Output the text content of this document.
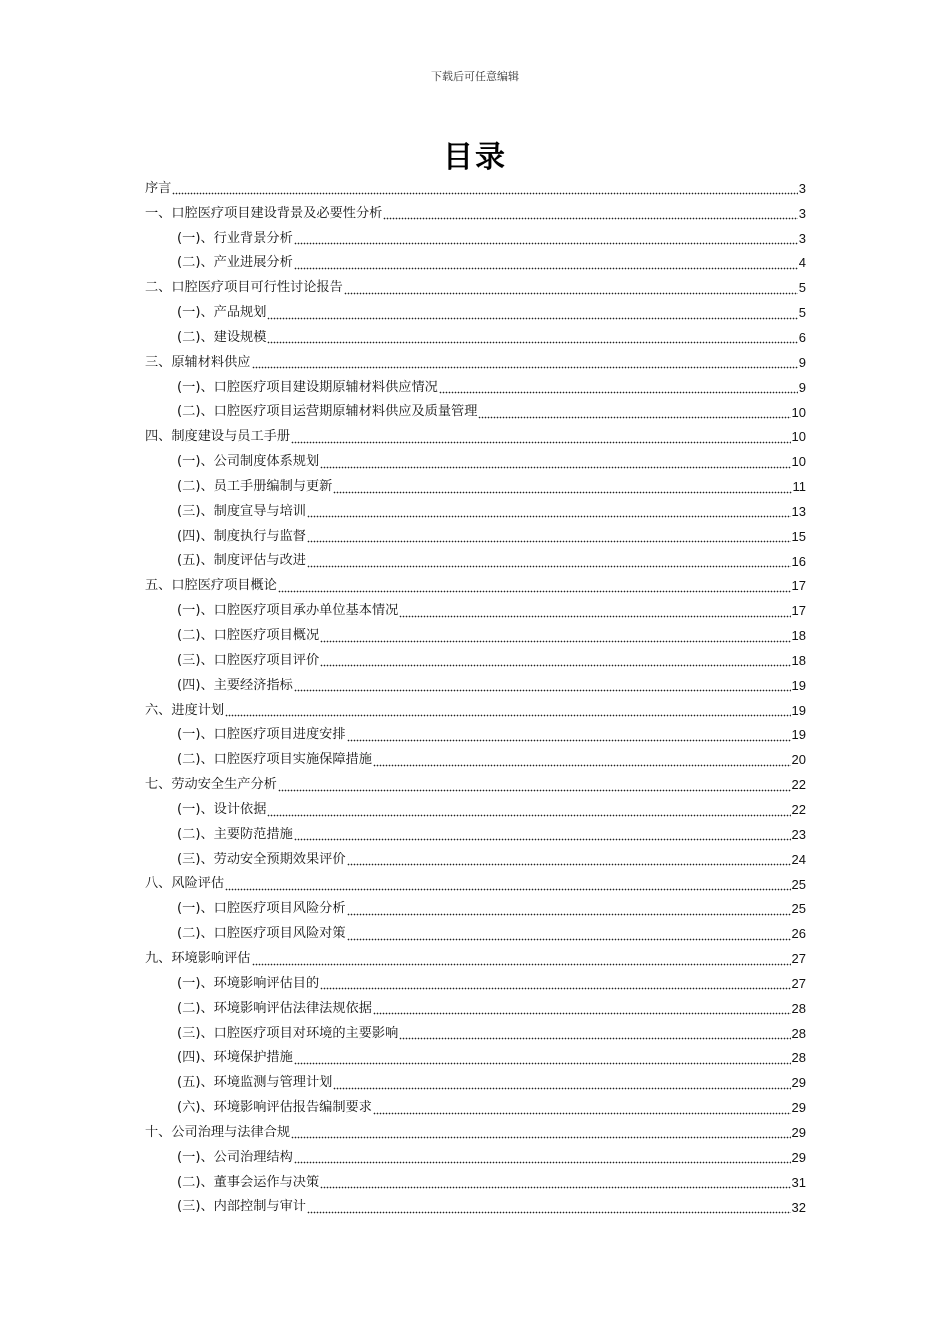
下载后可任意编辑
目录
序言	3
一、口腔医疗项目建设背景及必要性分析	3
(一)、行业背景分析	3
(二)、产业进展分析	4
二、口腔医疗项目可行性讨论报告	5
(一)、产品规划	5
(二)、建设规模	6
三、原辅材料供应	9
(一)、口腔医疗项目建设期原辅材料供应情况	9
(二)、口腔医疗项目运营期原辅材料供应及质量管理	10
四、制度建设与员工手册	10
(一)、公司制度体系规划	10
(二)、员工手册编制与更新	11
(三)、制度宣导与培训	13
(四)、制度执行与监督	15
(五)、制度评估与改进	16
五、口腔医疗项目概论	17
(一)、口腔医疗项目承办单位基本情况	17
(二)、口腔医疗项目概况	18
(三)、口腔医疗项目评价	18
(四)、主要经济指标	19
六、进度计划	19
(一)、口腔医疗项目进度安排	19
(二)、口腔医疗项目实施保障措施	20
七、劳动安全生产分析	22
(一)、设计依据	22
(二)、主要防范措施	23
(三)、劳动安全预期效果评价	24
八、风险评估	25
(一)、口腔医疗项目风险分析	25
(二)、口腔医疗项目风险对策	26
九、环境影响评估	27
(一)、环境影响评估目的	27
(二)、环境影响评估法律法规依据	28
(三)、口腔医疗项目对环境的主要影响	28
(四)、环境保护措施	28
(五)、环境监测与管理计划	29
(六)、环境影响评估报告编制要求	29
十、公司治理与法律合规	29
(一)、公司治理结构	29
(二)、董事会运作与决策	31
(三)、内部控制与审计	32
